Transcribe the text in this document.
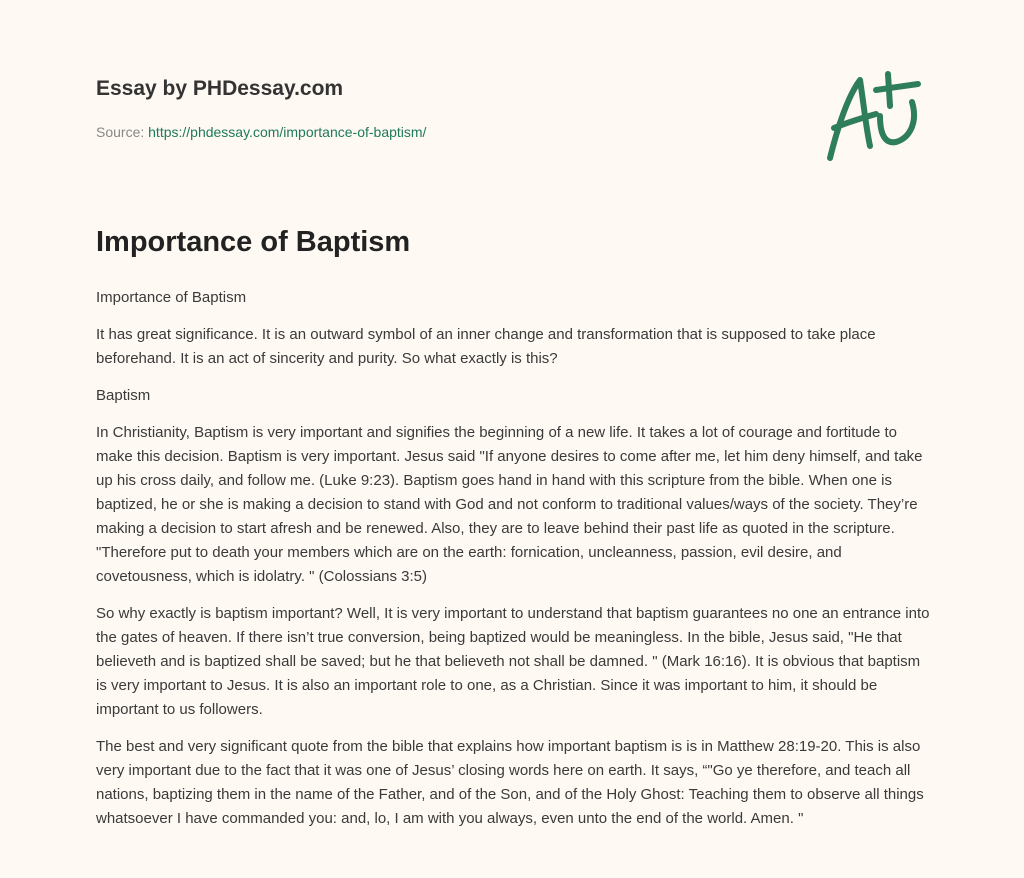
Essay by PHDessay.com
Source: https://phdessay.com/importance-of-baptism/
Importance of Baptism

Importance of Baptism

It has great significance. It is an outward symbol of an inner change and transformation that is supposed to take place beforehand. It is an act of sincerity and purity. So what exactly is this?

Baptism

In Christianity, Baptism is very important and signifies the beginning of a new life. It takes a lot of courage and fortitude to make this decision. Baptism is very important. Jesus said "If anyone desires to come after me, let him deny himself, and take up his cross daily, and follow me. (Luke 9:23). Baptism goes hand in hand with this scripture from the bible. When one is baptized, he or she is making a decision to stand with God and not conform to traditional values/ways of the society. They’re making a decision to start afresh and be renewed. Also, they are to leave behind their past life as quoted in the scripture. "Therefore put to death your members which are on the earth: fornication, uncleanness, passion, evil desire, and covetousness, which is idolatry. " (Colossians 3:5)

So why exactly is baptism important? Well, It is very important to understand that baptism guarantees no one an entrance into the gates of heaven. If there isn’t true conversion, being baptized would be meaningless. In the bible, Jesus said, "He that believeth and is baptized shall be saved; but he that believeth not shall be damned. " (Mark 16:16). It is obvious that baptism is very important to Jesus. It is also an important role to one, as a Christian. Since it was important to him, it should be important to us followers.

The best and very significant quote from the bible that explains how important baptism is is in Matthew 28:19-20. This is also very important due to the fact that it was one of Jesus’ closing words here on earth. It says, “"Go ye therefore, and teach all nations, baptizing them in the name of the Father, and of the Son, and of the Holy Ghost: Teaching them to observe all things whatsoever I have commanded you: and, lo, I am with you always, even unto the end of the world. Amen. "
